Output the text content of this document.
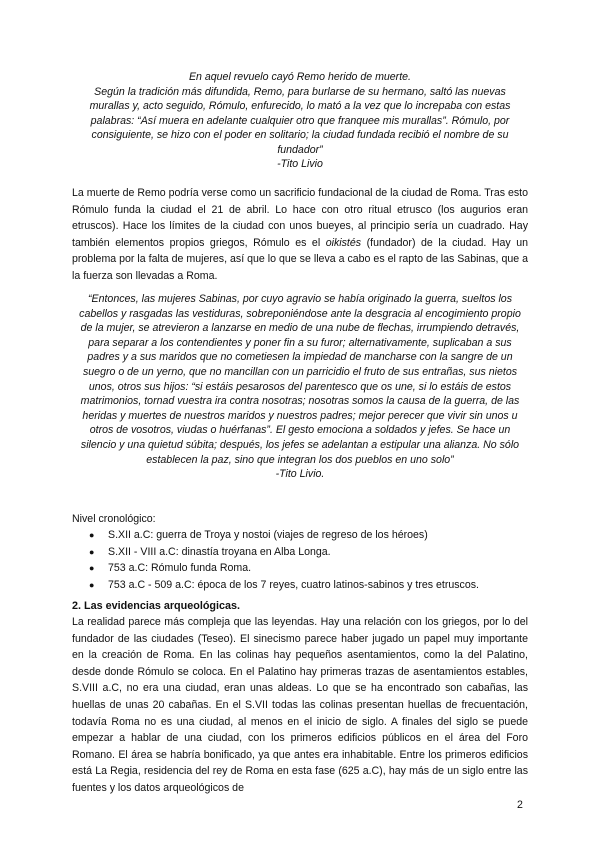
En aquel revuelo cayó Remo herido de muerte.

Según la tradición más difundida, Remo, para burlarse de su hermano, saltó las nuevas

murallas y, acto seguido, Rómulo, enfurecido, lo mató a la vez que lo increpaba con estas

palabras: “Así muera en adelante cualquier otro que franquee mis murallas”. Rómulo, por

consiguiente, se hizo con el poder en solitario; la ciudad fundada recibió el nombre de su

fundador”

-Tito Livio

La muerte de Remo podría verse como un sacrificio fundacional de la ciudad de Roma. Tras esto Rómulo funda la ciudad el 21 de abril. Lo hace con otro ritual etrusco (los augurios eran etruscos). Hace los límites de la ciudad con unos bueyes, al principio sería un cuadrado. Hay también elementos propios griegos, Rómulo es el oikistés (fundador) de la ciudad. Hay un problema por la falta de mujeres, así que lo que se lleva a cabo es el rapto de las Sabinas, que a la fuerza son llevadas a Roma.

“Entonces, las mujeres Sabinas, por cuyo agravio se había originado la guerra, sueltos los cabellos y rasgadas las vestiduras, sobreponiéndose ante la desgracia al encogimiento propio de la mujer, se atrevieron a lanzarse en medio de una nube de flechas, irrumpiendo detravés, para separar a los contendientes y poner fin a su furor; alternativamente, suplicaban a sus padres y a sus maridos que no cometiesen la impiedad de mancharse con la sangre de un suegro o de un yerno, que no mancillan con un parricidio el fruto de sus entrañas, sus nietos unos, otros sus hijos: “si estáis pesarosos del parentesco que os une, si lo estáis de estos matrimonios, tornad vuestra ira contra nosotras; nosotras somos la causa de la guerra, de las heridas y muertes de nuestros maridos y nuestros padres; mejor perecer que vivir sin unos u otros de vosotros, viudas o huérfanas”. El gesto emociona a soldados y jefes. Se hace un silencio y una quietud súbita; después, los jefes se adelantan a estipular una alianza. No sólo establecen la paz, sino que integran los dos pueblos en uno solo”

-Tito Livio.

Nivel cronológico:
● S.XII a.C: guerra de Troya y nostoi (viajes de regreso de los héroes)
● S.XII - VIII a.C: dinastía troyana en Alba Longa.
● 753 a.C: Rómulo funda Roma.
● 753 a.C - 509 a.C: época de los 7 reyes, cuatro latinos-sabinos y tres etruscos.
2. Las evidencias arqueológicas.

La realidad parece más compleja que las leyendas. Hay una relación con los griegos, por lo del fundador de las ciudades (Teseo). El sinecismo parece haber jugado un papel muy importante en la creación de Roma. En las colinas hay pequeños asentamientos, como la del Palatino, desde donde Rómulo se coloca. En el Palatino hay primeras trazas de asentamientos estables, S.VIII a.C, no era una ciudad, eran unas aldeas. Lo que se ha encontrado son cabañas, las huellas de unas 20 cabañas. En el S.VII todas las colinas presentan huellas de frecuentación, todavía Roma no es una ciudad, al menos en el inicio de siglo. A finales del siglo se puede empezar a hablar de una ciudad, con los primeros edificios públicos en el área del Foro Romano. El área se habría bonificado, ya que antes era inhabitable. Entre los primeros edificios está La Regia, residencia del rey de Roma en esta fase (625 a.C), hay más de un siglo entre las fuentes y los datos arqueológicos de

2
